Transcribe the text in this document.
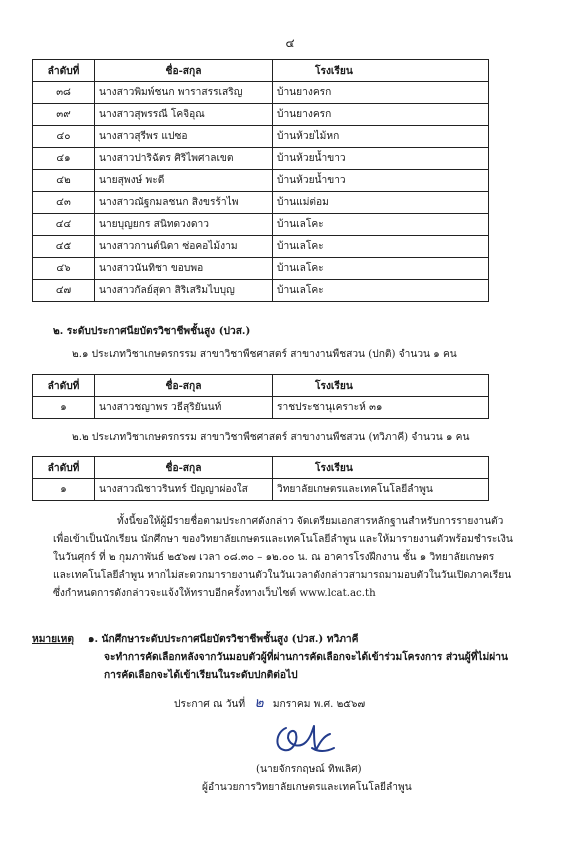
๔
ลำดับที่	ชื่อ-สกุล	โรงเรียน
๓๘	นางสาวพิมพ์ชนก พาราสรรเสริญ	บ้านยางครก
๓๙	นางสาวสุพรรณี โคจิอุณ	บ้านยางครก
๔๐	นางสาวสุรีพร แปซอ	บ้านห้วยไม้หก
๔๑	นางสาวปาริฉัตร ศิริไพศาลเขต	บ้านห้วยน้ำขาว
๔๒	นายสุพงษ์ พะดี	บ้านห้วยน้ำขาว
๔๓	นางสาวณัฐกมลชนก สิงขรร้าไพ	บ้านแม่ต่อม
๔๔	นายบุญยกร สนิทดวงดาว	บ้านเลโคะ
๔๕	นางสาวกานต์นิดา ซ่อคอไม้งาม	บ้านเลโคะ
๔๖	นางสาวนันทิชา ขอบพอ	บ้านเลโคะ
๔๗	นางสาวกัลย์สุดา สิริเสริมไบบุญ	บ้านเลโคะ
๒. ระดับประกาศนียบัตรวิชาชีพชั้นสูง (ปวส.)
๒.๑ ประเภทวิชาเกษตรกรรม สาขาวิชาพืชศาสตร์ สาขางานพืชสวน (ปกติ) จำนวน ๑ คน
ลำดับที่	ชื่อ-สกุล	โรงเรียน
๑	นางสาวชญาพร วธีสุริยันนท์	ราชประชานุเคราะห์ ๓๑
๒.๒ ประเภทวิชาเกษตรกรรม สาขาวิชาพืชศาสตร์ สาขางานพืชสวน (ทวิภาคี) จำนวน ๑ คน
ลำดับที่	ชื่อ-สกุล	โรงเรียน
๑	นางสาวณิชาวรินทร์ ปัญญาผ่องใส	วิทยาลัยเกษตรและเทคโนโลยีลำพูน
ทั้งนี้ขอให้ผู้มีรายชื่อตามประกาศดังกล่าว จัดเตรียมเอกสารหลักฐานสำหรับการรายงานตัว
เพื่อเข้าเป็นนักเรียน นักศึกษา ของวิทยาลัยเกษตรและเทคโนโลยีลำพูน และให้มารายงานตัวพร้อมชำระเงิน
ในวันศุกร์ ที่ ๒ กุมภาพันธ์ ๒๕๖๗ เวลา ๐๘.๓๐ – ๑๒.๐๐ น. ณ อาคารโรงฝึกงาน ชั้น ๑ วิทยาลัยเกษตร
และเทคโนโลยีลำพูน หากไม่สะดวกมารายงานตัวในวันเวลาดังกล่าวสามารถมามอบตัวในวันเปิดภาคเรียน
ซึ่งกำหนดการดังกล่าวจะแจ้งให้ทราบอีกครั้งทางเว็บไซต์ www.lcat.ac.th
หมายเหตุ ๑. นักศึกษาระดับประกาศนียบัตรวิชาชีพชั้นสูง (ปวส.) ทวิภาคี
จะทำการคัดเลือกหลังจากวันมอบตัวผู้ที่ผ่านการคัดเลือกจะได้เข้าร่วมโครงการ ส่วนผู้ที่ไม่ผ่าน
การคัดเลือกจะได้เข้าเรียนในระดับปกติต่อไป
ประกาศ ณ วันที่ ๒ มกราคม พ.ศ. ๒๕๖๗
(นายจักรกฤษณ์ ทิพเลิศ)
ผู้อำนวยการวิทยาลัยเกษตรและเทคโนโลยีลำพูน
